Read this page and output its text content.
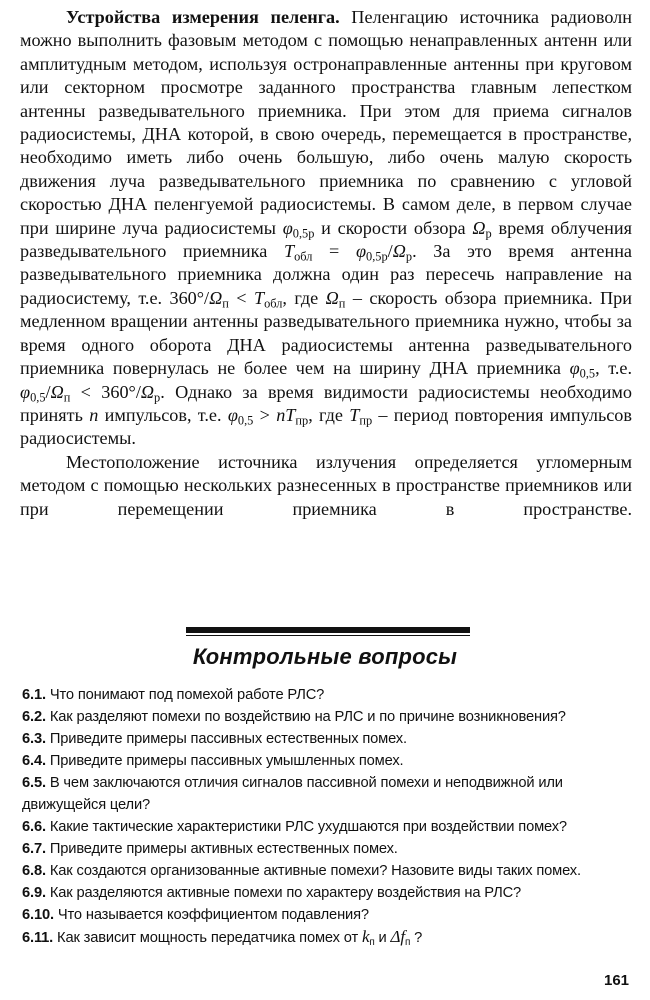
Устройства измерения пеленга. Пеленгацию источника радиоволн можно выполнить фазовым методом с помощью ненаправленных антенн или амплитудным методом, используя остронаправленные антенны при круговом или секторном просмотре заданного пространства главным лепестком антенны разведывательного приемника. При этом для приема сигналов радиосистемы, ДНА которой, в свою очередь, перемещается в пространстве, необходимо иметь либо очень большую, либо очень малую скорость движения луча разведывательного приемника по сравнению с угловой скоростью ДНА пеленгуемой радиосистемы. В самом деле, в первом случае при ширине луча радиосистемы $\varphi_{0,5р}$ и скорости обзора $\Omega_р$ время облучения разведывательного приемника $T_{обл} = \varphi_{0,5р}/\Omega_р$. За это время антенна разведывательного приемника должна один раз пересечь направление на радиосистему, т.е. $360^\circ/\Omega_п < T_{обл}$, где $\Omega_п$ – скорость обзора приемника. При медленном вращении антенны разведывательного приемника нужно, чтобы за время одного оборота ДНА радиосистемы антенна разведывательного приемника повернулась не более чем на ширину ДНА приемника $\varphi_{0,5}$, т.е. $\varphi_{0,5}/\Omega_п < 360^\circ/\Omega_р$. Однако за время видимости радиосистемы необходимо принять n импульсов, т.е. $\varphi_{0,5} > nT_{пр}$, где $T_{пр}$ – период повторения импульсов радиосистемы.

Местоположение источника излучения определяется угломерным методом с помощью нескольких разнесенных в пространстве приемников или при перемещении приемника в пространстве.

Контрольные вопросы
6.1. Что понимают под помехой работе РЛС?
6.2. Как разделяют помехи по воздействию на РЛС и по причине возникновения?
6.3. Приведите примеры пассивных естественных помех.
6.4. Приведите примеры пассивных умышленных помех.
6.5. В чем заключаются отличия сигналов пассивной помехи и неподвижной или движущейся цели?
6.6. Какие тактические характеристики РЛС ухудшаются при воздействии помех?
6.7. Приведите примеры активных естественных помех.
6.8. Как создаются организованные активные помехи? Назовите виды таких помех.
6.9. Как разделяются активные помехи по характеру воздействия на РЛС?
6.10. Что называется коэффициентом подавления?
6.11. Как зависит мощность передатчика помех от $k_п$ и $\Delta f_п$ ?
161
